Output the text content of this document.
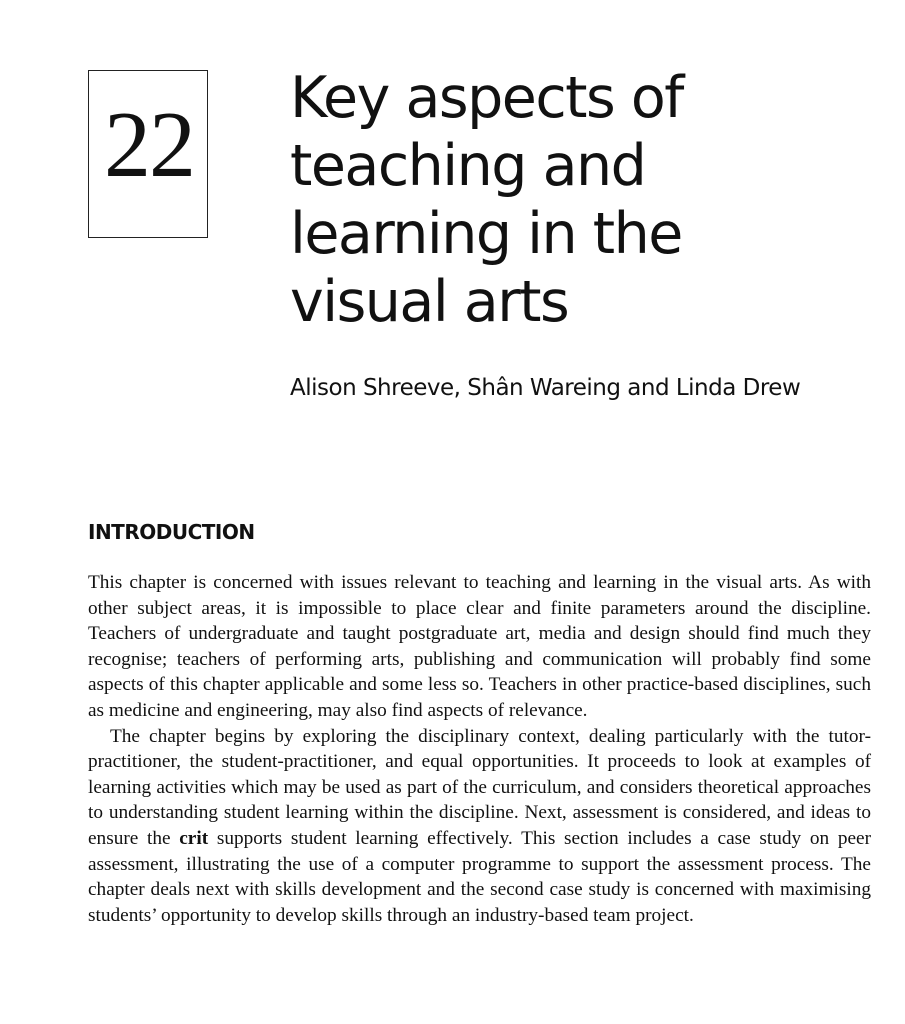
22 Key aspects of
teaching and
learning in the
visual arts
Alison Shreeve, Shân Wareing and Linda Drew
INTRODUCTION

This chapter is concerned with issues relevant to teaching and learning in the visual arts. As with other subject areas, it is impossible to place clear and finite parameters around the discipline. Teachers of undergraduate and taught postgraduate art, media and design should find much they recognise; teachers of performing arts, publishing and communication will probably find some aspects of this chapter applicable and some less so. Teachers in other practice-based disciplines, such as medicine and engineering, may also find aspects of relevance.

The chapter begins by exploring the disciplinary context, dealing particularly with the tutor-practitioner, the student-practitioner, and equal opportunities. It proceeds to look at examples of learning activities which may be used as part of the curriculum, and considers theoretical approaches to understanding student learning within the discipline. Next, assessment is considered, and ideas to ensure the crit supports student learning effectively. This section includes a case study on peer assessment, illustrating the use of a computer programme to support the assessment process. The chapter deals next with skills development and the second case study is concerned with maximising students’ opportunity to develop skills through an industry-based team project.
